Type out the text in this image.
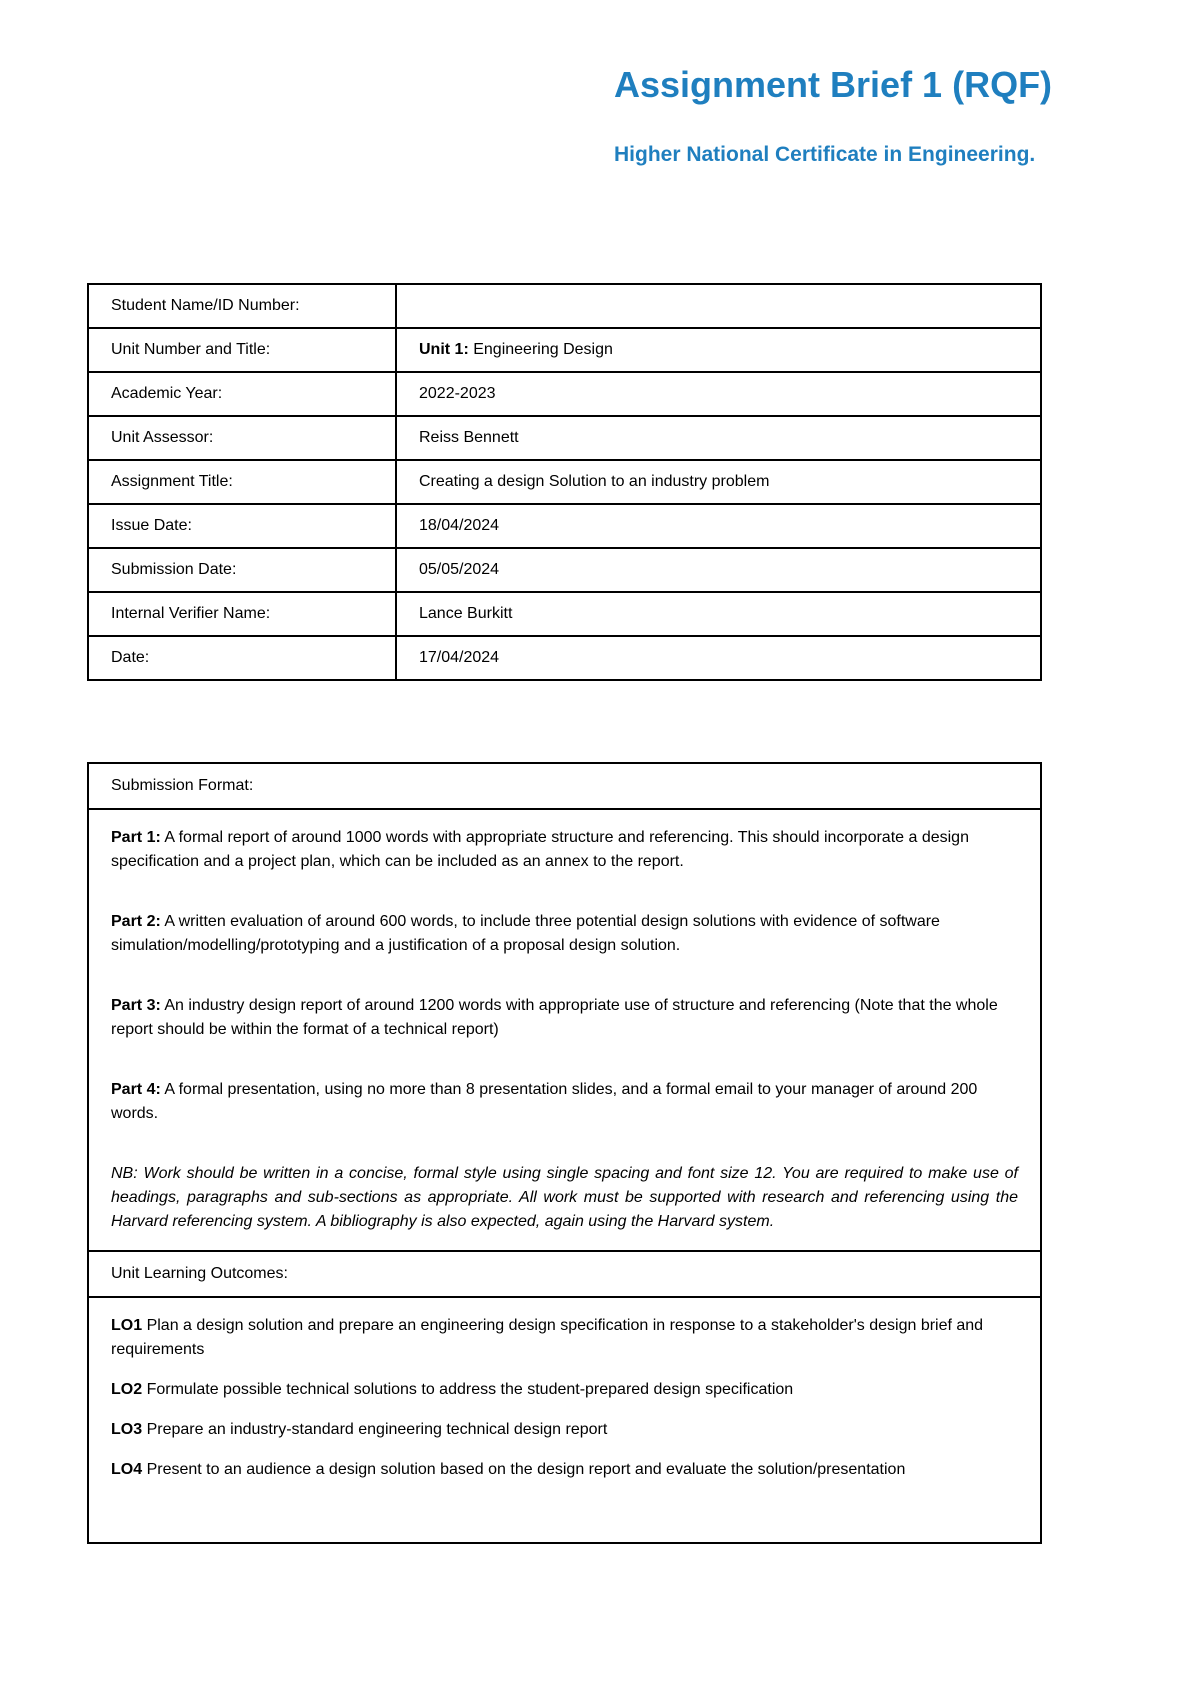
Assignment Brief 1 (RQF)
Higher National Certificate in Engineering.
Student Name/ID Number:	
Unit Number and Title:	Unit 1: Engineering Design
Academic Year:	2022-2023
Unit Assessor:	Reiss Bennett
Assignment Title:	Creating a design Solution to an industry problem
Issue Date:	18/04/2024
Submission Date:	05/05/2024
Internal Verifier Name:	Lance Burkitt
Date:	17/04/2024
Submission Format:

Part 1: A formal report of around 1000 words with appropriate structure and referencing. This should incorporate a design specification and a project plan, which can be included as an annex to the report.

Part 2: A written evaluation of around 600 words, to include three potential design solutions with evidence of software simulation/modelling/prototyping and a justification of a proposal design solution.

Part 3: An industry design report of around 1200 words with appropriate use of structure and referencing (Note that the whole report should be within the format of a technical report)

Part 4: A formal presentation, using no more than 8 presentation slides, and a formal email to your manager of around 200 words.

NB: Work should be written in a concise, formal style using single spacing and font size 12. You are required to make use of headings, paragraphs and sub-sections as appropriate. All work must be supported with research and referencing using the Harvard referencing system. A bibliography is also expected, again using the Harvard system.

Unit Learning Outcomes:

LO1 Plan a design solution and prepare an engineering design specification in response to a stakeholder's design brief and requirements

LO2 Formulate possible technical solutions to address the student-prepared design specification

LO3 Prepare an industry-standard engineering technical design report

LO4 Present to an audience a design solution based on the design report and evaluate the solution/presentation
